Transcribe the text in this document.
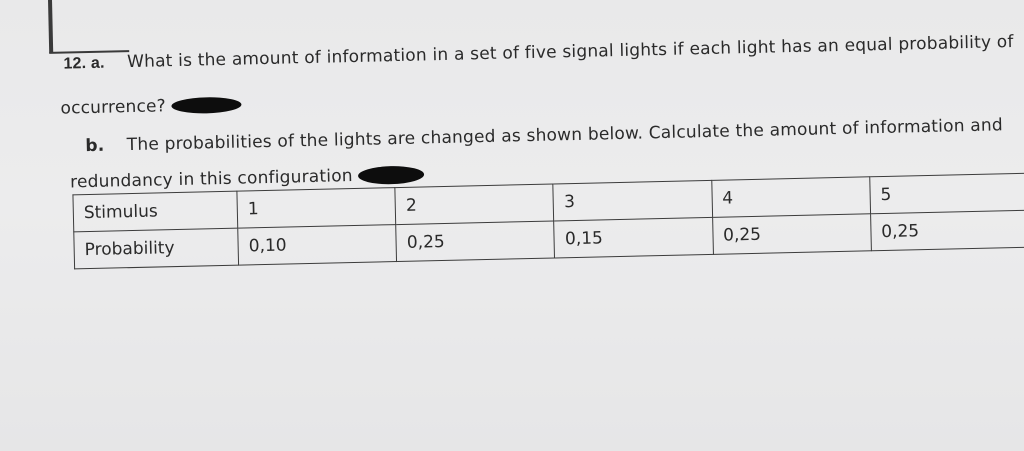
12. a. What is the amount of information in a set of five signal lights if each light has an equal probability of
occurrence?
b. The probabilities of the lights are changed as shown below. Calculate the amount of information and
redundancy in this configuration
Stimulus	1	2	3	4	5
Probability	0,10	0,25	0,15	0,25	0,25
